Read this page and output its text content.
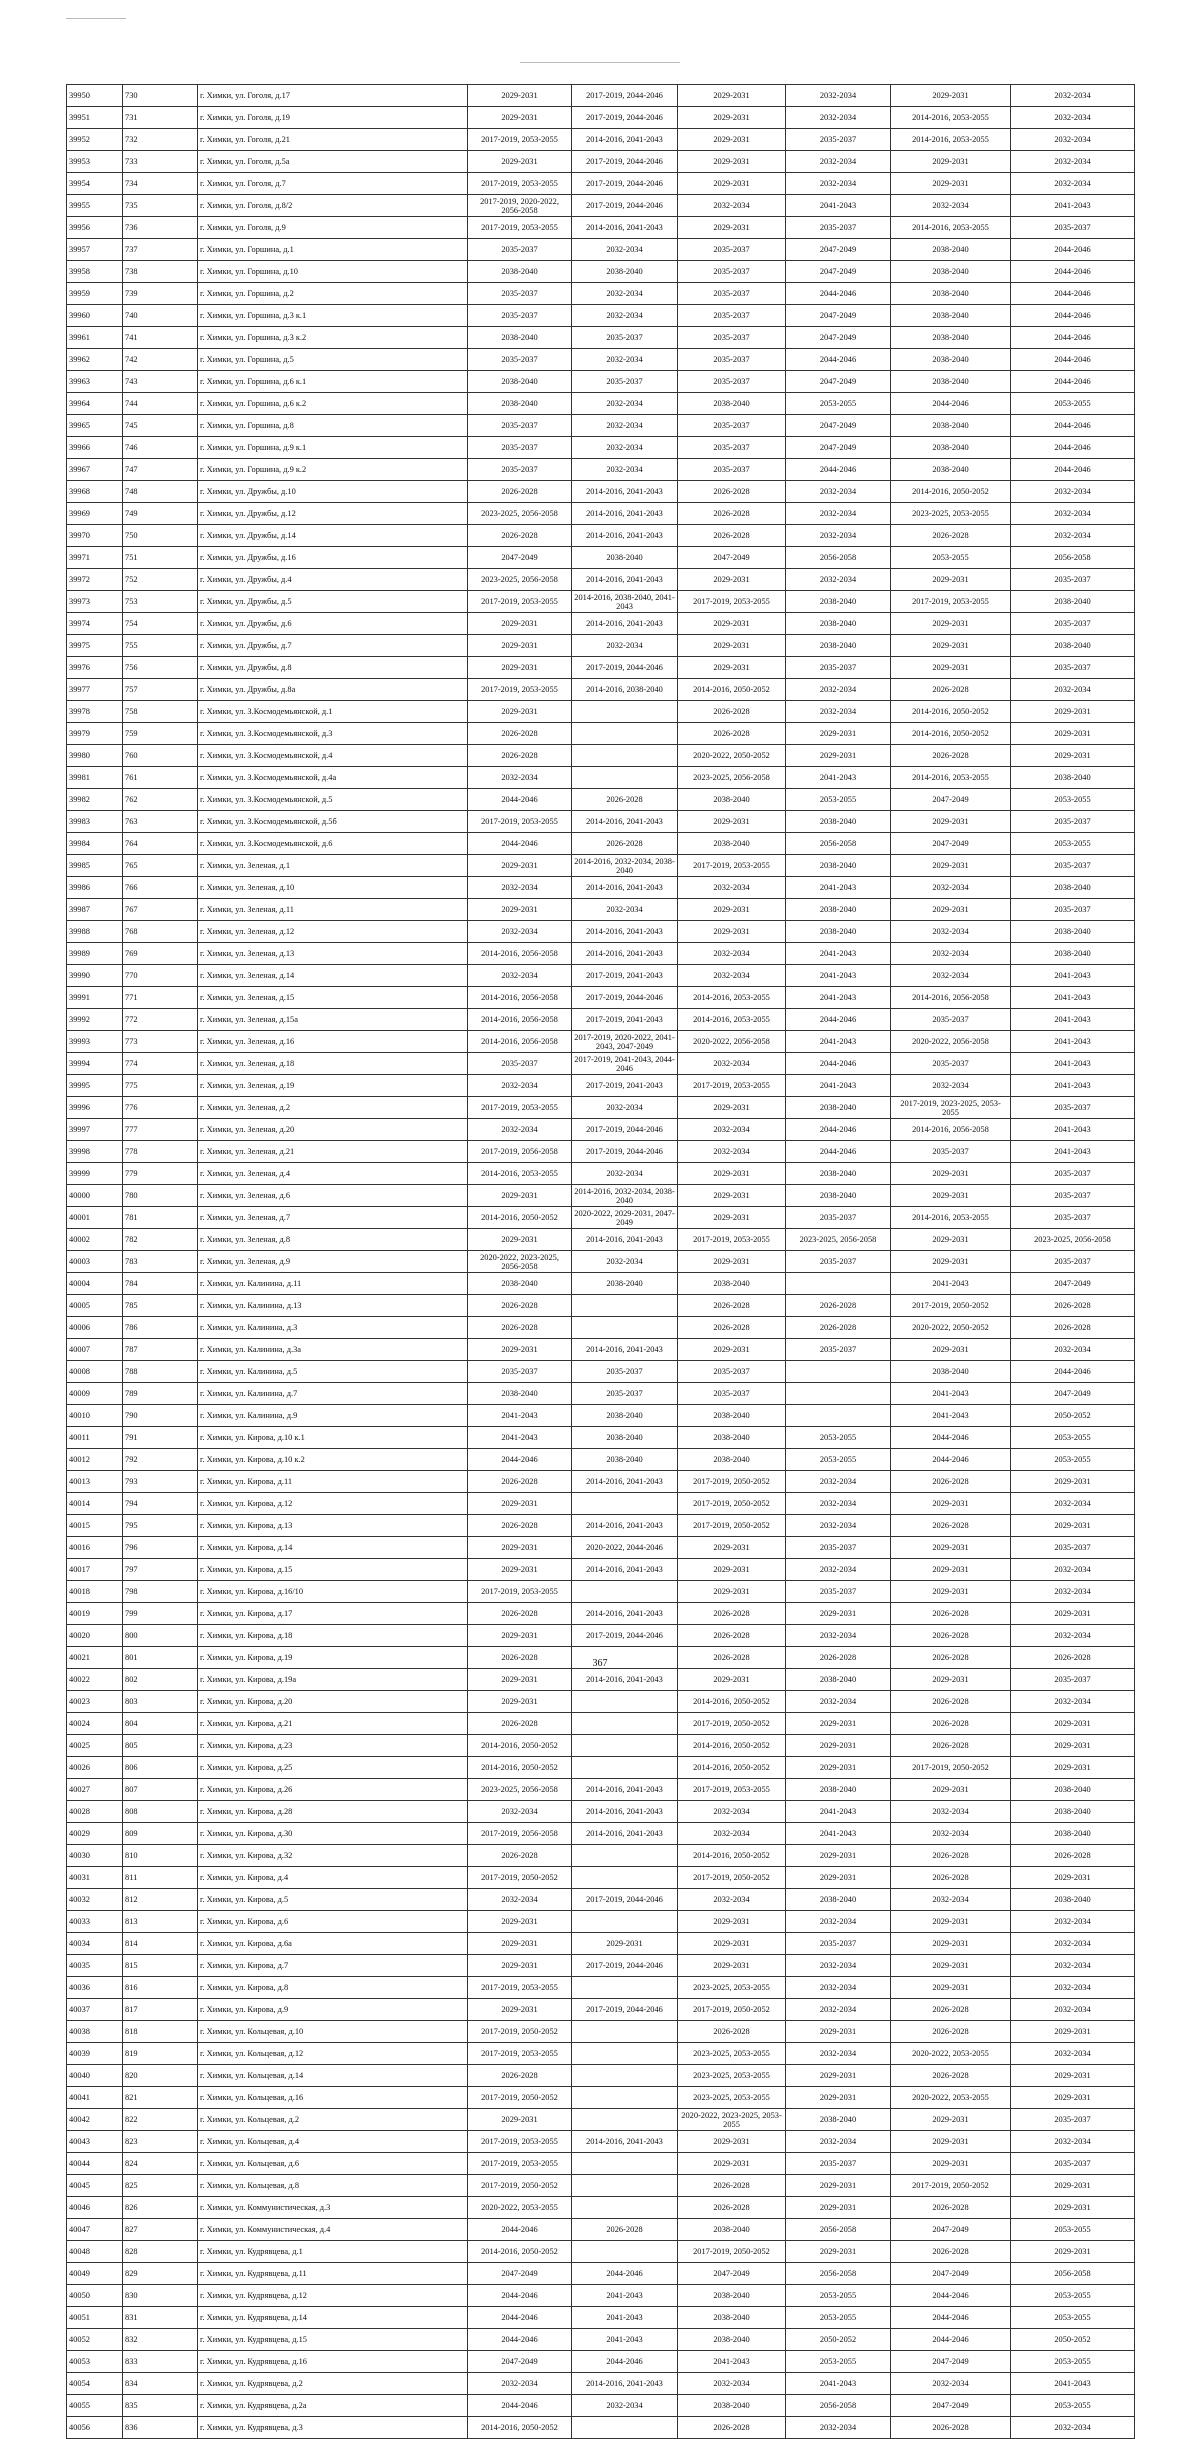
39950	730	г. Химки, ул. Гоголя, д.17	2029-2031	2017-2019, 2044-2046	2029-2031	2032-2034	2029-2031	2032-2034
39951	731	г. Химки, ул. Гоголя, д.19	2029-2031	2017-2019, 2044-2046	2029-2031	2032-2034	2014-2016, 2053-2055	2032-2034
39952	732	г. Химки, ул. Гоголя, д.21	2017-2019, 2053-2055	2014-2016, 2041-2043	2029-2031	2035-2037	2014-2016, 2053-2055	2032-2034
39953	733	г. Химки, ул. Гоголя, д.5а	2029-2031	2017-2019, 2044-2046	2029-2031	2032-2034	2029-2031	2032-2034
39954	734	г. Химки, ул. Гоголя, д.7	2017-2019, 2053-2055	2017-2019, 2044-2046	2029-2031	2032-2034	2029-2031	2032-2034
39955	735	г. Химки, ул. Гоголя, д.8/2	2017-2019, 2020-2022, 2056-2058	2017-2019, 2044-2046	2032-2034	2041-2043	2032-2034	2041-2043
39956	736	г. Химки, ул. Гоголя, д.9	2017-2019, 2053-2055	2014-2016, 2041-2043	2029-2031	2035-2037	2014-2016, 2053-2055	2035-2037
39957	737	г. Химки, ул. Горшина, д.1	2035-2037	2032-2034	2035-2037	2047-2049	2038-2040	2044-2046
39958	738	г. Химки, ул. Горшина, д.10	2038-2040	2038-2040	2035-2037	2047-2049	2038-2040	2044-2046
39959	739	г. Химки, ул. Горшина, д.2	2035-2037	2032-2034	2035-2037	2044-2046	2038-2040	2044-2046
39960	740	г. Химки, ул. Горшина, д.3 к.1	2035-2037	2032-2034	2035-2037	2047-2049	2038-2040	2044-2046
39961	741	г. Химки, ул. Горшина, д.3 к.2	2038-2040	2035-2037	2035-2037	2047-2049	2038-2040	2044-2046
39962	742	г. Химки, ул. Горшина, д.5	2035-2037	2032-2034	2035-2037	2044-2046	2038-2040	2044-2046
39963	743	г. Химки, ул. Горшина, д.6 к.1	2038-2040	2035-2037	2035-2037	2047-2049	2038-2040	2044-2046
39964	744	г. Химки, ул. Горшина, д.6 к.2	2038-2040	2032-2034	2038-2040	2053-2055	2044-2046	2053-2055
39965	745	г. Химки, ул. Горшина, д.8	2035-2037	2032-2034	2035-2037	2047-2049	2038-2040	2044-2046
39966	746	г. Химки, ул. Горшина, д.9 к.1	2035-2037	2032-2034	2035-2037	2047-2049	2038-2040	2044-2046
39967	747	г. Химки, ул. Горшина, д.9 к.2	2035-2037	2032-2034	2035-2037	2044-2046	2038-2040	2044-2046
39968	748	г. Химки, ул. Дружбы, д.10	2026-2028	2014-2016, 2041-2043	2026-2028	2032-2034	2014-2016, 2050-2052	2032-2034
39969	749	г. Химки, ул. Дружбы, д.12	2023-2025, 2056-2058	2014-2016, 2041-2043	2026-2028	2032-2034	2023-2025, 2053-2055	2032-2034
39970	750	г. Химки, ул. Дружбы, д.14	2026-2028	2014-2016, 2041-2043	2026-2028	2032-2034	2026-2028	2032-2034
39971	751	г. Химки, ул. Дружбы, д.16	2047-2049	2038-2040	2047-2049	2056-2058	2053-2055	2056-2058
39972	752	г. Химки, ул. Дружбы, д.4	2023-2025, 2056-2058	2014-2016, 2041-2043	2029-2031	2032-2034	2029-2031	2035-2037
39973	753	г. Химки, ул. Дружбы, д.5	2017-2019, 2053-2055	2014-2016, 2038-2040, 2041-2043	2017-2019, 2053-2055	2038-2040	2017-2019, 2053-2055	2038-2040
39974	754	г. Химки, ул. Дружбы, д.6	2029-2031	2014-2016, 2041-2043	2029-2031	2038-2040	2029-2031	2035-2037
39975	755	г. Химки, ул. Дружбы, д.7	2029-2031	2032-2034	2029-2031	2038-2040	2029-2031	2038-2040
39976	756	г. Химки, ул. Дружбы, д.8	2029-2031	2017-2019, 2044-2046	2029-2031	2035-2037	2029-2031	2035-2037
39977	757	г. Химки, ул. Дружбы, д.8а	2017-2019, 2053-2055	2014-2016, 2038-2040	2014-2016, 2050-2052	2032-2034	2026-2028	2032-2034
39978	758	г. Химки, ул. З.Космодемьянской, д.1	2029-2031		2026-2028	2032-2034	2014-2016, 2050-2052	2029-2031
39979	759	г. Химки, ул. З.Космодемьянской, д.3	2026-2028		2026-2028	2029-2031	2014-2016, 2050-2052	2029-2031
39980	760	г. Химки, ул. З.Космодемьянской, д.4	2026-2028		2020-2022, 2050-2052	2029-2031	2026-2028	2029-2031
39981	761	г. Химки, ул. З.Космодемьянской, д.4а	2032-2034		2023-2025, 2056-2058	2041-2043	2014-2016, 2053-2055	2038-2040
39982	762	г. Химки, ул. З.Космодемьянской, д.5	2044-2046	2026-2028	2038-2040	2053-2055	2047-2049	2053-2055
39983	763	г. Химки, ул. З.Космодемьянской, д.5б	2017-2019, 2053-2055	2014-2016, 2041-2043	2029-2031	2038-2040	2029-2031	2035-2037
39984	764	г. Химки, ул. З.Космодемьянской, д.6	2044-2046	2026-2028	2038-2040	2056-2058	2047-2049	2053-2055
39985	765	г. Химки, ул. Зеленая, д.1	2029-2031	2014-2016, 2032-2034, 2038-2040	2017-2019, 2053-2055	2038-2040	2029-2031	2035-2037
39986	766	г. Химки, ул. Зеленая, д.10	2032-2034	2014-2016, 2041-2043	2032-2034	2041-2043	2032-2034	2038-2040
39987	767	г. Химки, ул. Зеленая, д.11	2029-2031	2032-2034	2029-2031	2038-2040	2029-2031	2035-2037
39988	768	г. Химки, ул. Зеленая, д.12	2032-2034	2014-2016, 2041-2043	2029-2031	2038-2040	2032-2034	2038-2040
39989	769	г. Химки, ул. Зеленая, д.13	2014-2016, 2056-2058	2014-2016, 2041-2043	2032-2034	2041-2043	2032-2034	2038-2040
39990	770	г. Химки, ул. Зеленая, д.14	2032-2034	2017-2019, 2041-2043	2032-2034	2041-2043	2032-2034	2041-2043
39991	771	г. Химки, ул. Зеленая, д.15	2014-2016, 2056-2058	2017-2019, 2044-2046	2014-2016, 2053-2055	2041-2043	2014-2016, 2056-2058	2041-2043
39992	772	г. Химки, ул. Зеленая, д.15а	2014-2016, 2056-2058	2017-2019, 2041-2043	2014-2016, 2053-2055	2044-2046	2035-2037	2041-2043
39993	773	г. Химки, ул. Зеленая, д.16	2014-2016, 2056-2058	2017-2019, 2020-2022, 2041-2043, 2047-2049	2020-2022, 2056-2058	2041-2043	2020-2022, 2056-2058	2041-2043
39994	774	г. Химки, ул. Зеленая, д.18	2035-2037	2017-2019, 2041-2043, 2044-2046	2032-2034	2044-2046	2035-2037	2041-2043
39995	775	г. Химки, ул. Зеленая, д.19	2032-2034	2017-2019, 2041-2043	2017-2019, 2053-2055	2041-2043	2032-2034	2041-2043
39996	776	г. Химки, ул. Зеленая, д.2	2017-2019, 2053-2055	2032-2034	2029-2031	2038-2040	2017-2019, 2023-2025, 2053-2055	2035-2037
39997	777	г. Химки, ул. Зеленая, д.20	2032-2034	2017-2019, 2044-2046	2032-2034	2044-2046	2014-2016, 2056-2058	2041-2043
39998	778	г. Химки, ул. Зеленая, д.21	2017-2019, 2056-2058	2017-2019, 2044-2046	2032-2034	2044-2046	2035-2037	2041-2043
39999	779	г. Химки, ул. Зеленая, д.4	2014-2016, 2053-2055	2032-2034	2029-2031	2038-2040	2029-2031	2035-2037
40000	780	г. Химки, ул. Зеленая, д.6	2029-2031	2014-2016, 2032-2034, 2038-2040	2029-2031	2038-2040	2029-2031	2035-2037
40001	781	г. Химки, ул. Зеленая, д.7	2014-2016, 2050-2052	2020-2022, 2029-2031, 2047-2049	2029-2031	2035-2037	2014-2016, 2053-2055	2035-2037
40002	782	г. Химки, ул. Зеленая, д.8	2029-2031	2014-2016, 2041-2043	2017-2019, 2053-2055	2023-2025, 2056-2058	2029-2031	2023-2025, 2056-2058
40003	783	г. Химки, ул. Зеленая, д.9	2020-2022, 2023-2025, 2056-2058	2032-2034	2029-2031	2035-2037	2029-2031	2035-2037
40004	784	г. Химки, ул. Калинина, д.11	2038-2040	2038-2040	2038-2040		2041-2043	2047-2049
40005	785	г. Химки, ул. Калинина, д.13	2026-2028		2026-2028	2026-2028	2017-2019, 2050-2052	2026-2028
40006	786	г. Химки, ул. Калинина, д.3	2026-2028		2026-2028	2026-2028	2020-2022, 2050-2052	2026-2028
40007	787	г. Химки, ул. Калинина, д.3а	2029-2031	2014-2016, 2041-2043	2029-2031	2035-2037	2029-2031	2032-2034
40008	788	г. Химки, ул. Калинина, д.5	2035-2037	2035-2037	2035-2037		2038-2040	2044-2046
40009	789	г. Химки, ул. Калинина, д.7	2038-2040	2035-2037	2035-2037		2041-2043	2047-2049
40010	790	г. Химки, ул. Калинина, д.9	2041-2043	2038-2040	2038-2040		2041-2043	2050-2052
40011	791	г. Химки, ул. Кирова, д.10 к.1	2041-2043	2038-2040	2038-2040	2053-2055	2044-2046	2053-2055
40012	792	г. Химки, ул. Кирова, д.10 к.2	2044-2046	2038-2040	2038-2040	2053-2055	2044-2046	2053-2055
40013	793	г. Химки, ул. Кирова, д.11	2026-2028	2014-2016, 2041-2043	2017-2019, 2050-2052	2032-2034	2026-2028	2029-2031
40014	794	г. Химки, ул. Кирова, д.12	2029-2031		2017-2019, 2050-2052	2032-2034	2029-2031	2032-2034
40015	795	г. Химки, ул. Кирова, д.13	2026-2028	2014-2016, 2041-2043	2017-2019, 2050-2052	2032-2034	2026-2028	2029-2031
40016	796	г. Химки, ул. Кирова, д.14	2029-2031	2020-2022, 2044-2046	2029-2031	2035-2037	2029-2031	2035-2037
40017	797	г. Химки, ул. Кирова, д.15	2029-2031	2014-2016, 2041-2043	2029-2031	2032-2034	2029-2031	2032-2034
40018	798	г. Химки, ул. Кирова, д.16/10	2017-2019, 2053-2055		2029-2031	2035-2037	2029-2031	2032-2034
40019	799	г. Химки, ул. Кирова, д.17	2026-2028	2014-2016, 2041-2043	2026-2028	2029-2031	2026-2028	2029-2031
40020	800	г. Химки, ул. Кирова, д.18	2029-2031	2017-2019, 2044-2046	2026-2028	2032-2034	2026-2028	2032-2034
40021	801	г. Химки, ул. Кирова, д.19	2026-2028		2026-2028	2026-2028	2026-2028	2026-2028
40022	802	г. Химки, ул. Кирова, д.19а	2029-2031	2014-2016, 2041-2043	2029-2031	2038-2040	2029-2031	2035-2037
40023	803	г. Химки, ул. Кирова, д.20	2029-2031		2014-2016, 2050-2052	2032-2034	2026-2028	2032-2034
40024	804	г. Химки, ул. Кирова, д.21	2026-2028		2017-2019, 2050-2052	2029-2031	2026-2028	2029-2031
40025	805	г. Химки, ул. Кирова, д.23	2014-2016, 2050-2052		2014-2016, 2050-2052	2029-2031	2026-2028	2029-2031
40026	806	г. Химки, ул. Кирова, д.25	2014-2016, 2050-2052		2014-2016, 2050-2052	2029-2031	2017-2019, 2050-2052	2029-2031
40027	807	г. Химки, ул. Кирова, д.26	2023-2025, 2056-2058	2014-2016, 2041-2043	2017-2019, 2053-2055	2038-2040	2029-2031	2038-2040
40028	808	г. Химки, ул. Кирова, д.28	2032-2034	2014-2016, 2041-2043	2032-2034	2041-2043	2032-2034	2038-2040
40029	809	г. Химки, ул. Кирова, д.30	2017-2019, 2056-2058	2014-2016, 2041-2043	2032-2034	2041-2043	2032-2034	2038-2040
40030	810	г. Химки, ул. Кирова, д.32	2026-2028		2014-2016, 2050-2052	2029-2031	2026-2028	2026-2028
40031	811	г. Химки, ул. Кирова, д.4	2017-2019, 2050-2052		2017-2019, 2050-2052	2029-2031	2026-2028	2029-2031
40032	812	г. Химки, ул. Кирова, д.5	2032-2034	2017-2019, 2044-2046	2032-2034	2038-2040	2032-2034	2038-2040
40033	813	г. Химки, ул. Кирова, д.6	2029-2031		2029-2031	2032-2034	2029-2031	2032-2034
40034	814	г. Химки, ул. Кирова, д.6а	2029-2031	2029-2031	2029-2031	2035-2037	2029-2031	2032-2034
40035	815	г. Химки, ул. Кирова, д.7	2029-2031	2017-2019, 2044-2046	2029-2031	2032-2034	2029-2031	2032-2034
40036	816	г. Химки, ул. Кирова, д.8	2017-2019, 2053-2055		2023-2025, 2053-2055	2032-2034	2029-2031	2032-2034
40037	817	г. Химки, ул. Кирова, д.9	2029-2031	2017-2019, 2044-2046	2017-2019, 2050-2052	2032-2034	2026-2028	2032-2034
40038	818	г. Химки, ул. Кольцевая, д.10	2017-2019, 2050-2052		2026-2028	2029-2031	2026-2028	2029-2031
40039	819	г. Химки, ул. Кольцевая, д.12	2017-2019, 2053-2055		2023-2025, 2053-2055	2032-2034	2020-2022, 2053-2055	2032-2034
40040	820	г. Химки, ул. Кольцевая, д.14	2026-2028		2023-2025, 2053-2055	2029-2031	2026-2028	2029-2031
40041	821	г. Химки, ул. Кольцевая, д.16	2017-2019, 2050-2052		2023-2025, 2053-2055	2029-2031	2020-2022, 2053-2055	2029-2031
40042	822	г. Химки, ул. Кольцевая, д.2	2029-2031		2020-2022, 2023-2025, 2053-2055	2038-2040	2029-2031	2035-2037
40043	823	г. Химки, ул. Кольцевая, д.4	2017-2019, 2053-2055	2014-2016, 2041-2043	2029-2031	2032-2034	2029-2031	2032-2034
40044	824	г. Химки, ул. Кольцевая, д.6	2017-2019, 2053-2055		2029-2031	2035-2037	2029-2031	2035-2037
40045	825	г. Химки, ул. Кольцевая, д.8	2017-2019, 2050-2052		2026-2028	2029-2031	2017-2019, 2050-2052	2029-2031
40046	826	г. Химки, ул. Коммунистическая, д.3	2020-2022, 2053-2055		2026-2028	2029-2031	2026-2028	2029-2031
40047	827	г. Химки, ул. Коммунистическая, д.4	2044-2046	2026-2028	2038-2040	2056-2058	2047-2049	2053-2055
40048	828	г. Химки, ул. Кудрявцева, д.1	2014-2016, 2050-2052		2017-2019, 2050-2052	2029-2031	2026-2028	2029-2031
40049	829	г. Химки, ул. Кудрявцева, д.11	2047-2049	2044-2046	2047-2049	2056-2058	2047-2049	2056-2058
40050	830	г. Химки, ул. Кудрявцева, д.12	2044-2046	2041-2043	2038-2040	2053-2055	2044-2046	2053-2055
40051	831	г. Химки, ул. Кудрявцева, д.14	2044-2046	2041-2043	2038-2040	2053-2055	2044-2046	2053-2055
40052	832	г. Химки, ул. Кудрявцева, д.15	2044-2046	2041-2043	2038-2040	2050-2052	2044-2046	2050-2052
40053	833	г. Химки, ул. Кудрявцева, д.16	2047-2049	2044-2046	2041-2043	2053-2055	2047-2049	2053-2055
40054	834	г. Химки, ул. Кудрявцева, д.2	2032-2034	2014-2016, 2041-2043	2032-2034	2041-2043	2032-2034	2041-2043
40055	835	г. Химки, ул. Кудрявцева, д.2а	2044-2046	2032-2034	2038-2040	2056-2058	2047-2049	2053-2055
40056	836	г. Химки, ул. Кудрявцева, д.3	2014-2016, 2050-2052		2026-2028	2032-2034	2026-2028	2032-2034
367
